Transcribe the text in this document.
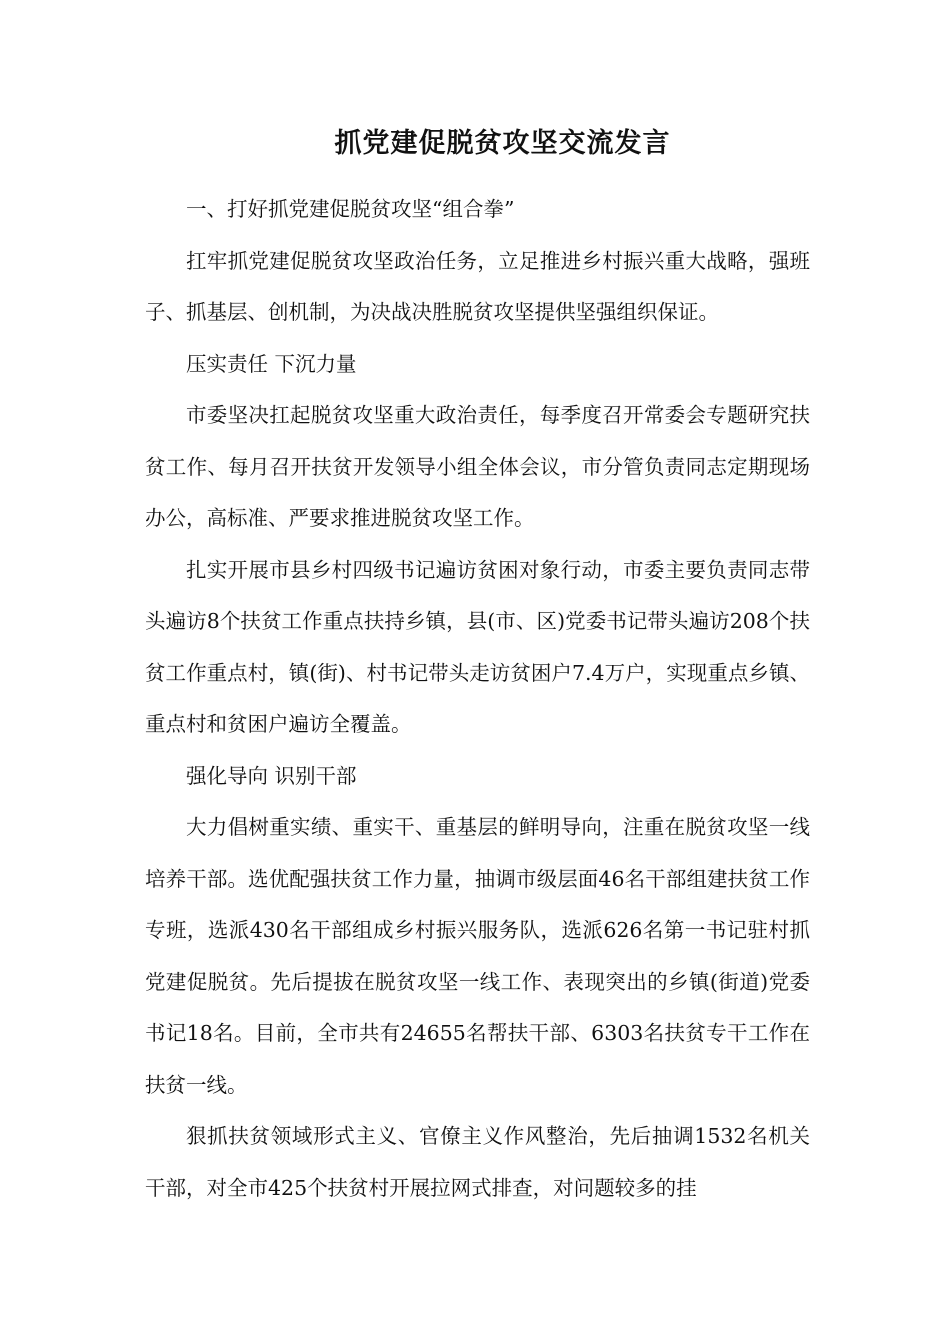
抓党建促脱贫攻坚交流发言

一、打好抓党建促脱贫攻坚“组合拳”

扛牢抓党建促脱贫攻坚政治任务，立足推进乡村振兴重大战略，强班子、抓基层、创机制，为决战决胜脱贫攻坚提供坚强组织保证。

压实责任 下沉力量

市委坚决扛起脱贫攻坚重大政治责任，每季度召开常委会专题研究扶贫工作、每月召开扶贫开发领导小组全体会议，市分管负责同志定期现场办公，高标准、严要求推进脱贫攻坚工作。

扎实开展市县乡村四级书记遍访贫困对象行动，市委主要负责同志带头遍访8个扶贫工作重点扶持乡镇，县(市、区)党委书记带头遍访208个扶贫工作重点村，镇(街)、村书记带头走访贫困户7.4万户，实现重点乡镇、重点村和贫困户遍访全覆盖。

强化导向 识别干部

大力倡树重实绩、重实干、重基层的鲜明导向，注重在脱贫攻坚一线培养干部。选优配强扶贫工作力量，抽调市级层面46名干部组建扶贫工作专班，选派430名干部组成乡村振兴服务队，选派626名第一书记驻村抓党建促脱贫。先后提拔在脱贫攻坚一线工作、表现突出的乡镇(街道)党委书记18名。目前，全市共有24655名帮扶干部、6303名扶贫专干工作在扶贫一线。

狠抓扶贫领域形式主义、官僚主义作风整治，先后抽调1532名机关干部，对全市425个扶贫村开展拉网式排查，对问题较多的挂
